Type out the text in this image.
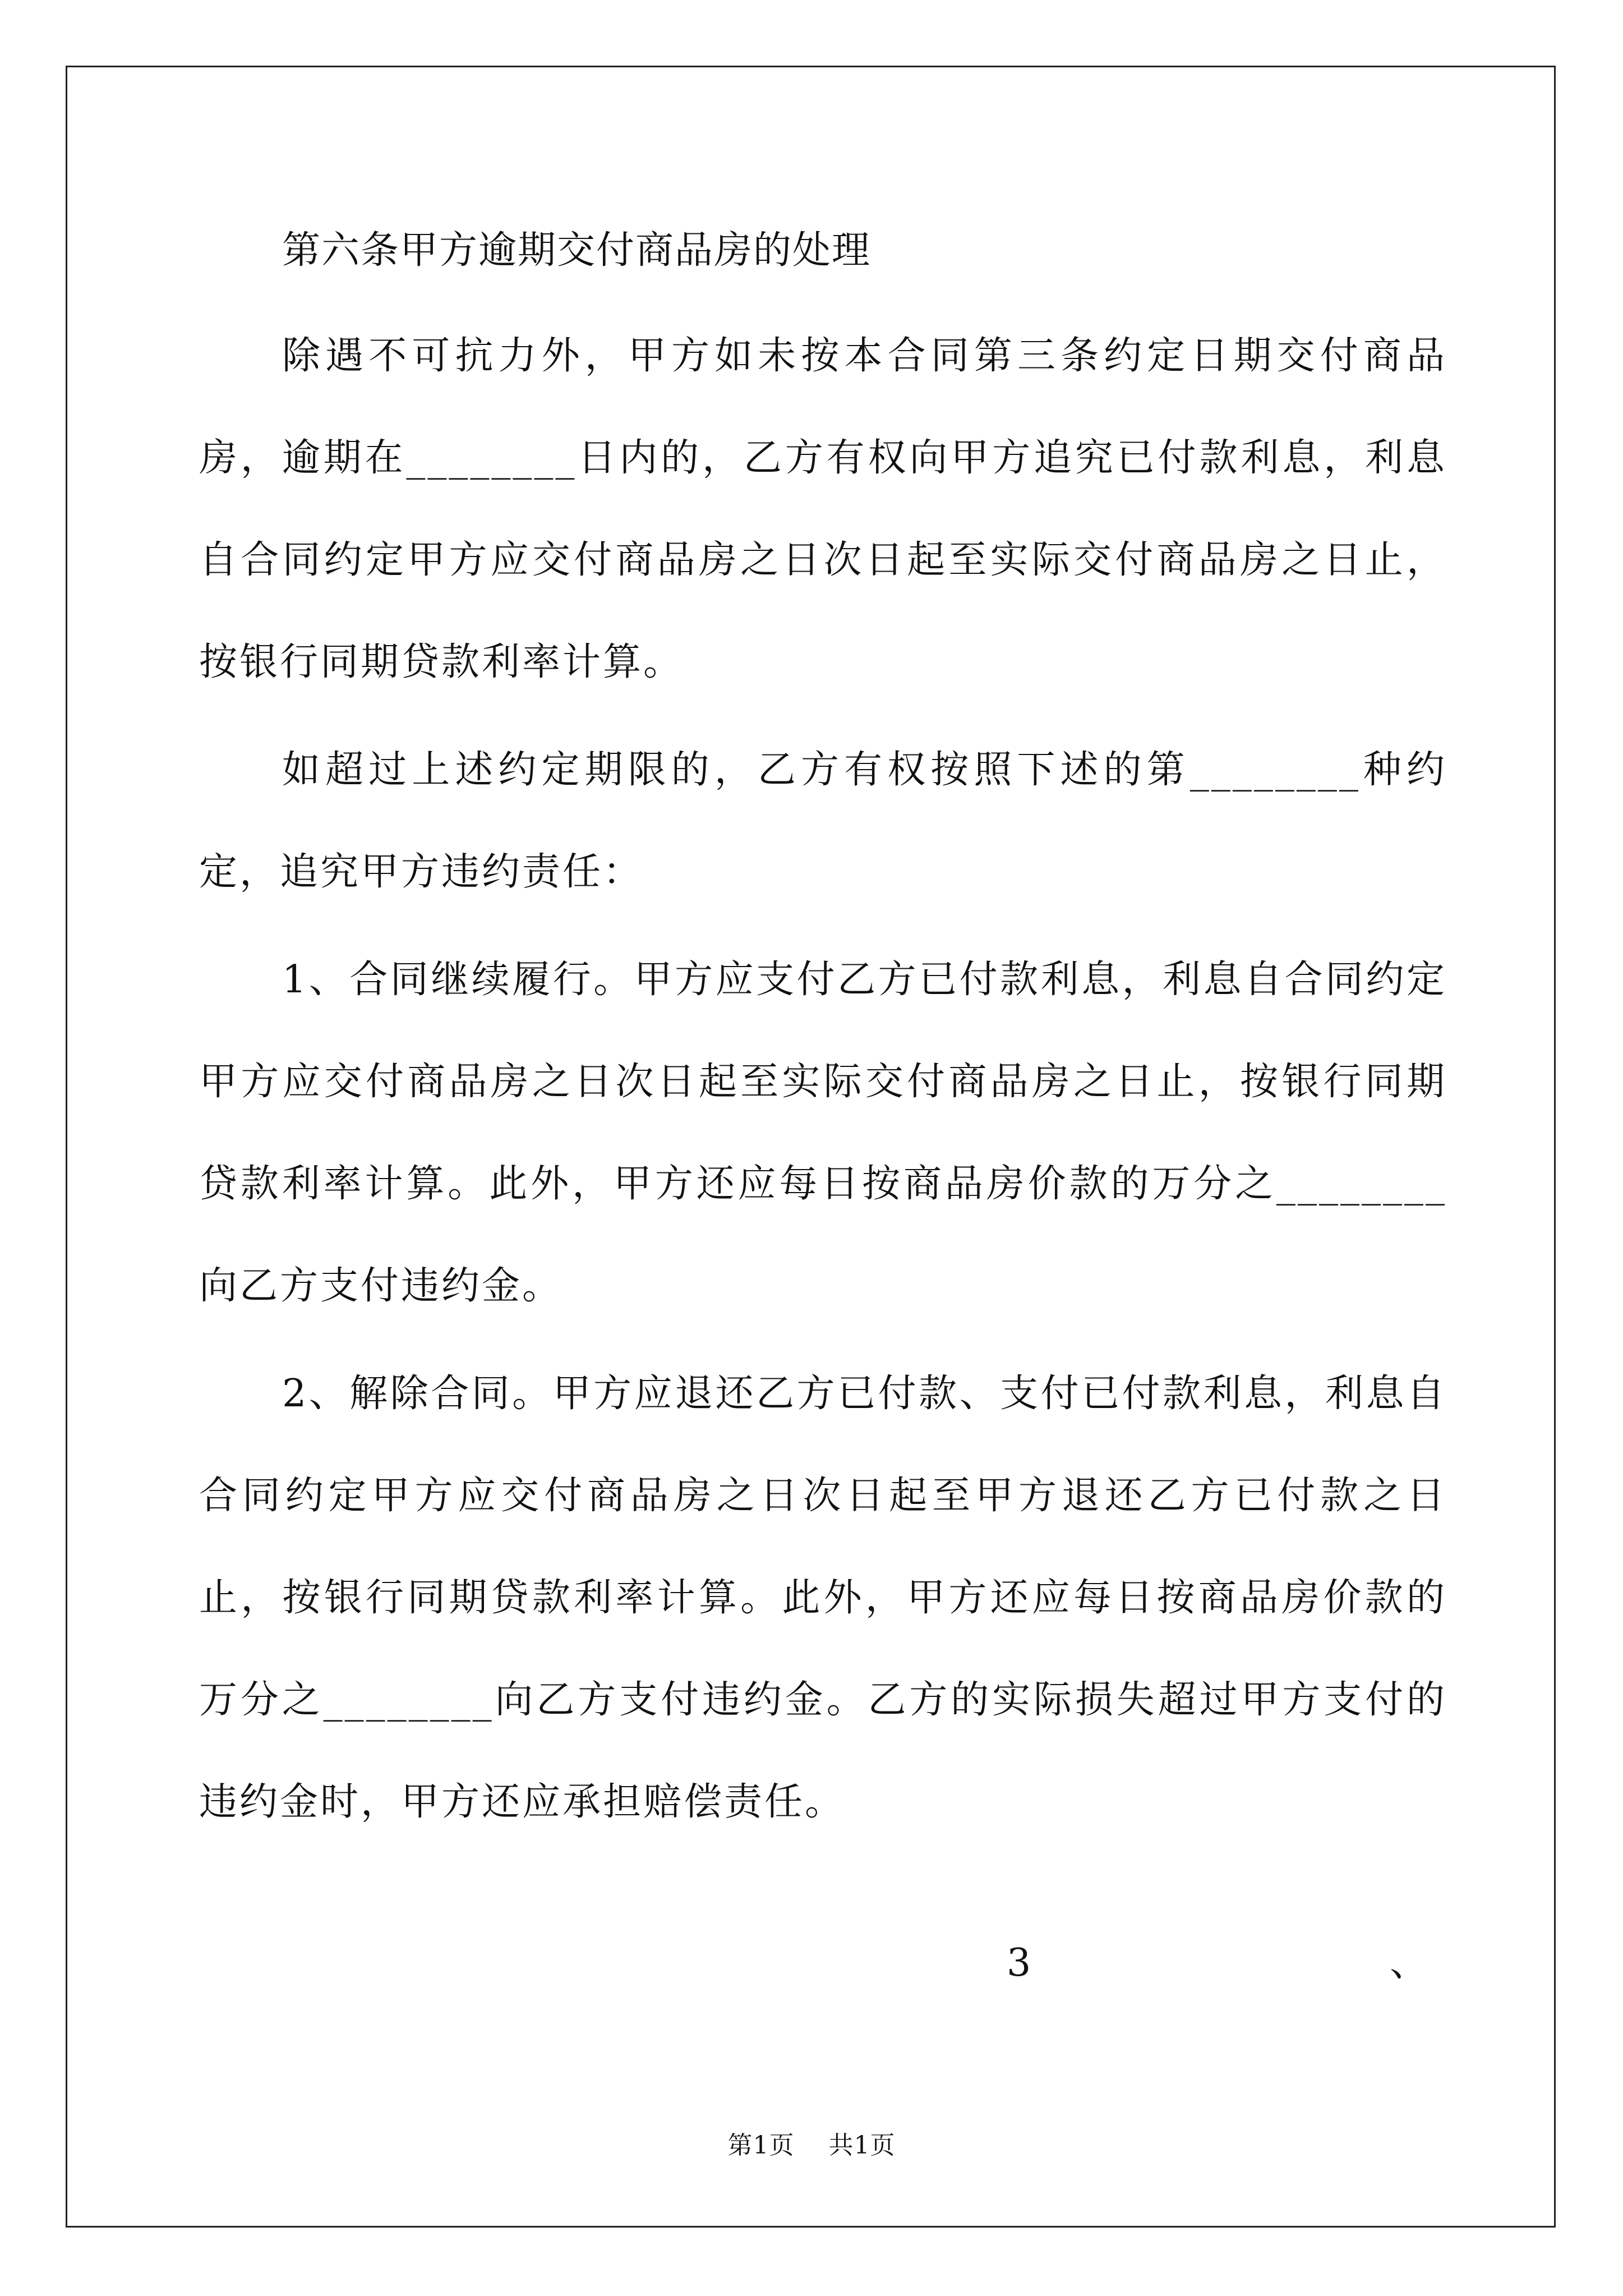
第六条甲方逾期交付商品房的处理

除遇不可抗力外，甲方如未按本合同第三条约定日期交付商品房，逾期在________日内的，乙方有权向甲方追究已付款利息，利息自合同约定甲方应交付商品房之日次日起至实际交付商品房之日止，按银行同期贷款利率计算。

如超过上述约定期限的，乙方有权按照下述的第________种约定，追究甲方违约责任：

1、合同继续履行。甲方应支付乙方已付款利息，利息自合同约定甲方应交付商品房之日次日起至实际交付商品房之日止，按银行同期贷款利率计算。此外，甲方还应每日按商品房价款的万分之________向乙方支付违约金。

2、解除合同。甲方应退还乙方已付款、支付已付款利息，利息自合同约定甲方应交付商品房之日次日起至甲方退还乙方已付款之日止，按银行同期贷款利率计算。此外，甲方还应每日按商品房价款的万分之________向乙方支付违约金。乙方的实际损失超过甲方支付的违约金时，甲方还应承担赔偿责任。

3	、
第1页 共1页
